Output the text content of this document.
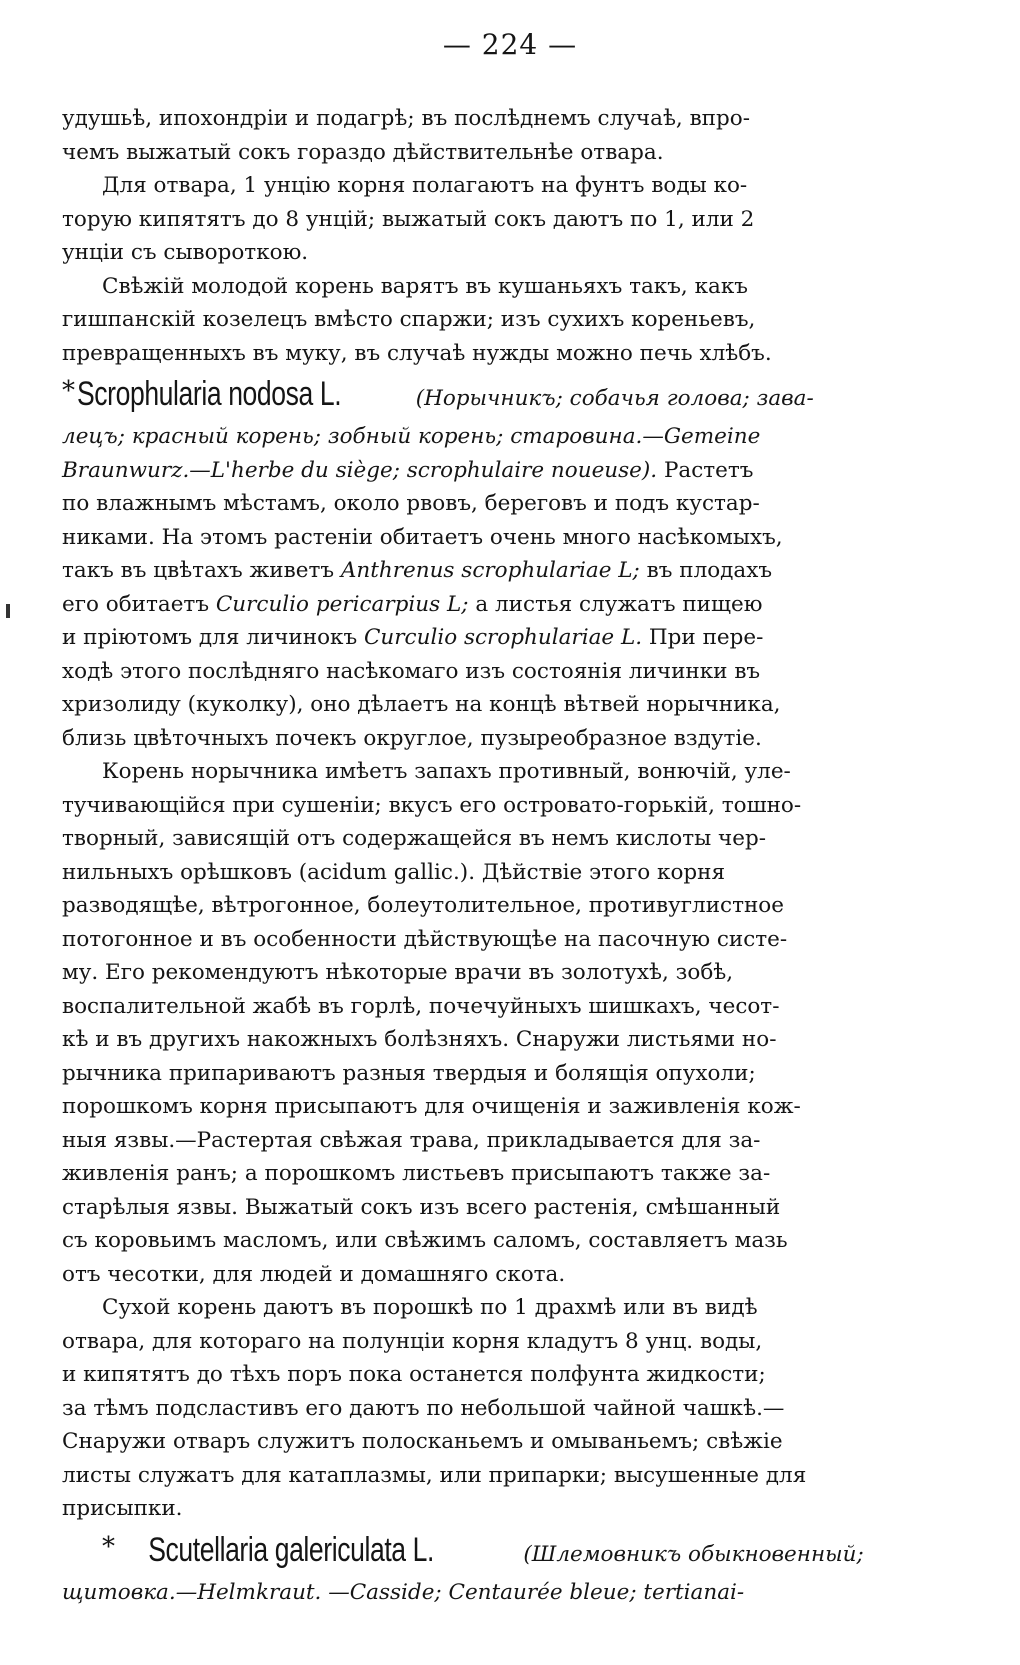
— 224 —

удушьѣ, ипохондріи и подагрѣ; въ послѣднемъ случаѣ, впро-

чемъ выжатый сокъ гораздо дѣйствительнѣе отвара.

Для отвара, 1 унцію корня полагаютъ на фунтъ воды ко-

торую кипятятъ до 8 унцій; выжатый сокъ даютъ по 1, или 2

унціи съ сывороткою.

Свѣжій молодой корень варятъ въ кушаньяхъ такъ, какъ

гишпанскій козелецъ вмѣсто спаржи; изъ сухихъ кореньевъ,

превращенныхъ въ муку, въ случаѣ нужды можно печь хлѣбъ.

*Scrophularia nodosa L.	(Норычникъ; собачья голова; зава-

лецъ; красный корень; зобный корень; старовина.—Gemeine

Braunwurz.—L'herbe du siège; scrophulaire noueuse). Растетъ

по влажнымъ мѣстамъ, около рвовъ, береговъ и подъ кустар-

никами. На этомъ растеніи обитаетъ очень много насѣкомыхъ,

такъ въ цвѣтахъ живетъ Anthrenus scrophulariae L; въ плодахъ

его обитаетъ Curculio pericarpius L; а листья служатъ пищею

и пріютомъ для личинокъ Curculio scrophulariae L. При пере-

ходѣ этого послѣдняго насѣкомаго изъ состоянія личинки въ

хризолиду (куколку), оно дѣлаетъ на концѣ вѣтвей норычника,

близь цвѣточныхъ почекъ округлое, пузыреобразное вздутіе.

Корень норычника имѣетъ запахъ противный, вонючій, уле-

тучивающійся при сушеніи; вкусъ его островато-горькій, тошно-

творный, зависящій отъ содержащейся въ немъ кислоты чер-

нильныхъ орѣшковъ (acidum gallic.). Дѣйствіе этого корня

разводящѣе, вѣтрогонное, болеутолительное, противуглистное

потогонное и въ особенности дѣйствующѣе на пасочную систе-

му. Его рекомендуютъ нѣкоторые врачи въ золотухѣ, зобѣ,

воспалительной жабѣ въ горлѣ, почечуйныхъ шишкахъ, чесот-

кѣ и въ другихъ накожныхъ болѣзняхъ. Снаружи листьями но-

рычника припариваютъ разныя твердыя и болящія опухоли;

порошкомъ корня присыпаютъ для очищенія и заживленія кож-

ныя язвы.—Растертая свѣжая трава, прикладывается для за-

живленія ранъ; а порошкомъ листьевъ присыпаютъ также за-

старѣлыя язвы. Выжатый сокъ изъ всего растенія, смѣшанный

съ коровьимъ масломъ, или свѣжимъ саломъ, составляетъ мазь

отъ чесотки, для людей и домашняго скота.

Сухой корень даютъ въ порошкѣ по 1 драхмѣ или въ видѣ

отвара, для котораго на полунціи корня кладутъ 8 унц. воды,

и кипятятъ до тѣхъ поръ пока останется полфунта жидкости;

за тѣмъ подсластивъ его даютъ по небольшой чайной чашкѣ.—

Снаружи отваръ служитъ полосканьемъ и омываньемъ; свѣжіе

листы служатъ для катаплазмы, или припарки; высушенные для

присыпки.

* Scutellaria galericulata L.	(Шлемовникъ обыкновенный;

щитовка.—Helmkraut. —Casside; Centaurée bleue; tertianai-
